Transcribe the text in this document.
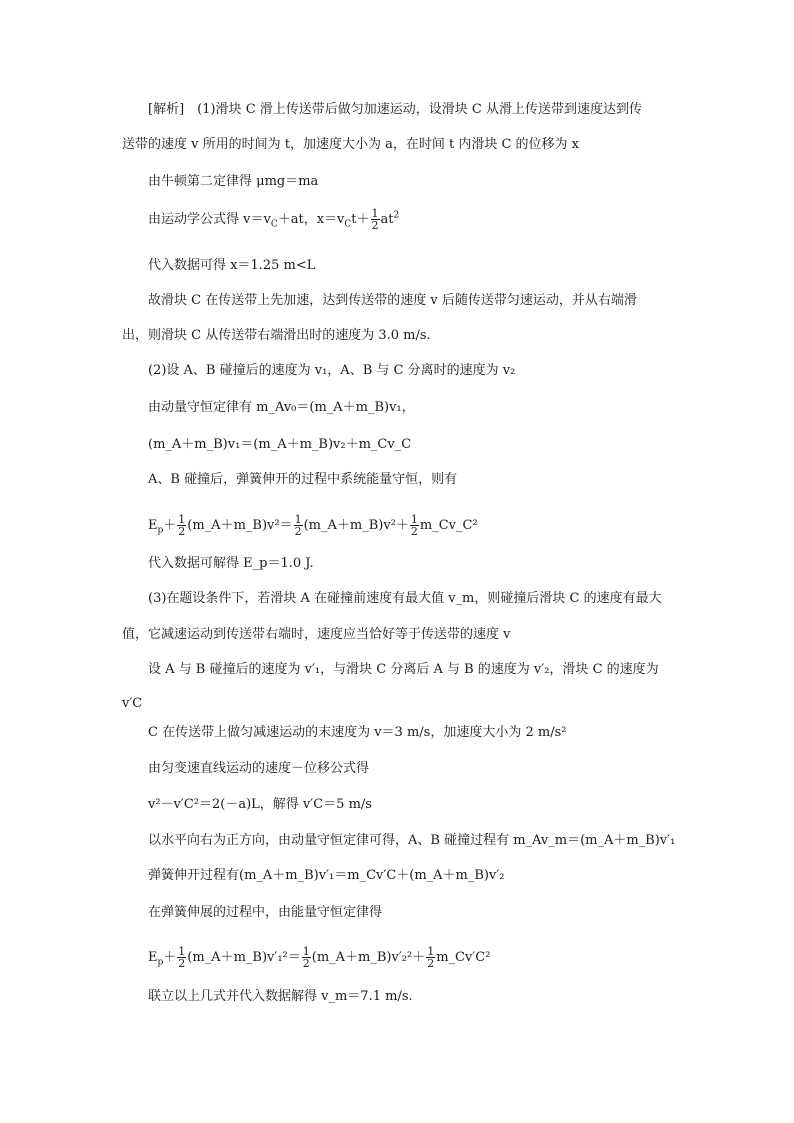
[解析]　(1)滑块 C 滑上传送带后做匀加速运动，设滑块 C 从滑上传送带到速度达到传
送带的速度 v 所用的时间为 t，加速度大小为 a，在时间 t 内滑块 C 的位移为 x
由牛顿第二定律得 μmg＝ma
由运动学公式得 $v=v_C+at$，$x=v_Ct+ \frac{1}{2} at^2$
代入数据可得 x＝1.25 m<L
故滑块 C 在传送带上先加速，达到传送带的速度 v 后随传送带匀速运动，并从右端滑
出，则滑块 C 从传送带右端滑出时的速度为 3.0 m/s.
(2)设 A、B 碰撞后的速度为 v₁，A、B 与 C 分离时的速度为 v₂
由动量守恒定律有 m_Av₀＝(m_A＋m_B)v₁，
(m_A＋m_B)v₁＝(m_A＋m_B)v₂＋m_Cv_C
A、B 碰撞后，弹簧伸开的过程中系统能量守恒，则有
$E_p+ \frac{1}{2}$ (m_A＋m_B)v²＝ $\frac{1}{2}$ (m_A＋m_B)v²＋ $\frac{1}{2}$ m_Cv_C²
代入数据可解得 E_p＝1.0 J.
(3)在题设条件下，若滑块 A 在碰撞前速度有最大值 v_m，则碰撞后滑块 C 的速度有最大
值，它减速运动到传送带右端时，速度应当恰好等于传送带的速度 v
设 A 与 B 碰撞后的速度为 v′₁，与滑块 C 分离后 A 与 B 的速度为 v′₂，滑块 C 的速度为
v′C
C 在传送带上做匀减速运动的末速度为 v＝3 m/s，加速度大小为 2 m/s²
由匀变速直线运动的速度－位移公式得
v²－v′C²＝2(－a)L，解得 v′C＝5 m/s
以水平向右为正方向，由动量守恒定律可得，A、B 碰撞过程有 m_Av_m＝(m_A＋m_B)v′₁
弹簧伸开过程有(m_A＋m_B)v′₁＝m_Cv′C＋(m_A＋m_B)v′₂
在弹簧伸展的过程中，由能量守恒定律得
$E_p+ \frac{1}{2}$ (m_A＋m_B)v′₁²＝ $\frac{1}{2}$ (m_A＋m_B)v′₂²＋ $\frac{1}{2}$ m_Cv′C²
联立以上几式并代入数据解得 v_m＝7.1 m/s.
